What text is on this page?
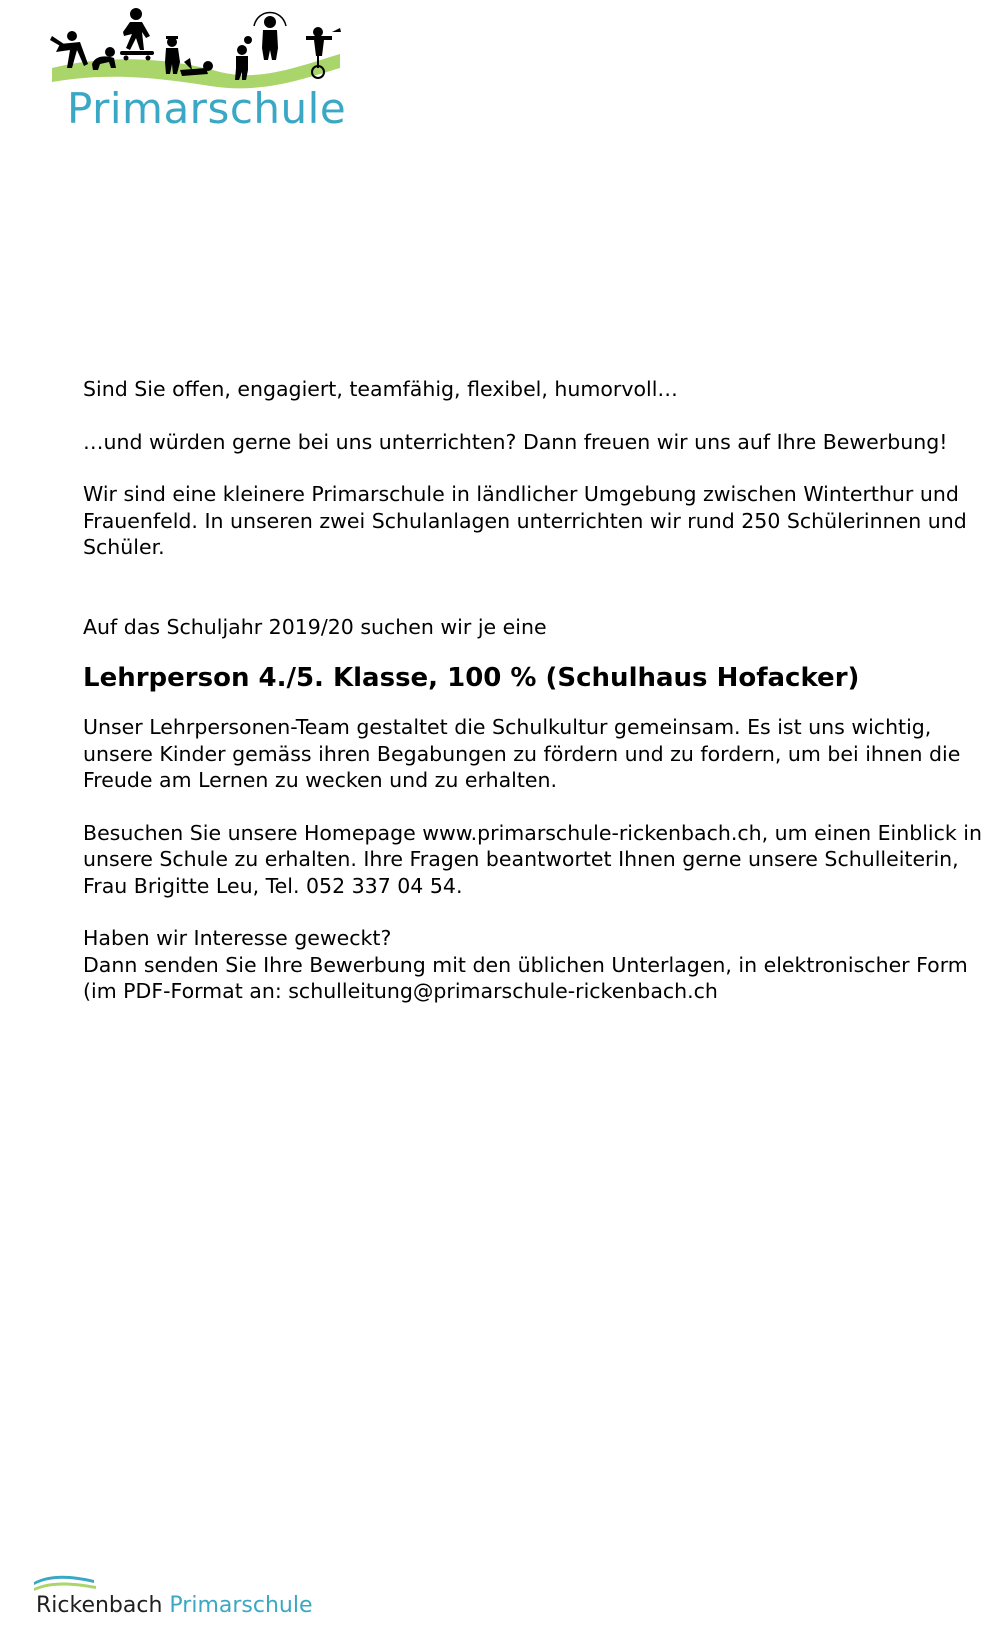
Primarschule

Sind Sie offen, engagiert, teamfähig, flexibel, humorvoll…

…und würden gerne bei uns unterrichten? Dann freuen wir uns auf Ihre Bewerbung!

Wir sind eine kleinere Primarschule in ländlicher Umgebung zwischen Winterthur und
Frauenfeld. In unseren zwei Schulanlagen unterrichten wir rund 250 Schülerinnen und
Schüler.

Auf das Schuljahr 2019/20 suchen wir je eine

Lehrperson 4./5. Klasse, 100 % (Schulhaus Hofacker)

Unser Lehrpersonen-Team gestaltet die Schulkultur gemeinsam. Es ist uns wichtig,
unsere Kinder gemäss ihren Begabungen zu fördern und zu fordern, um bei ihnen die
Freude am Lernen zu wecken und zu erhalten.

Besuchen Sie unsere Homepage www.primarschule-rickenbach.ch, um einen Einblick in
unsere Schule zu erhalten. Ihre Fragen beantwortet Ihnen gerne unsere Schulleiterin,
Frau Brigitte Leu, Tel. 052 337 04 54.

Haben wir Interesse geweckt?
Dann senden Sie Ihre Bewerbung mit den üblichen Unterlagen, in elektronischer Form
(im PDF-Format an: schulleitung@primarschule-rickenbach.ch

Rickenbach Primarschule
